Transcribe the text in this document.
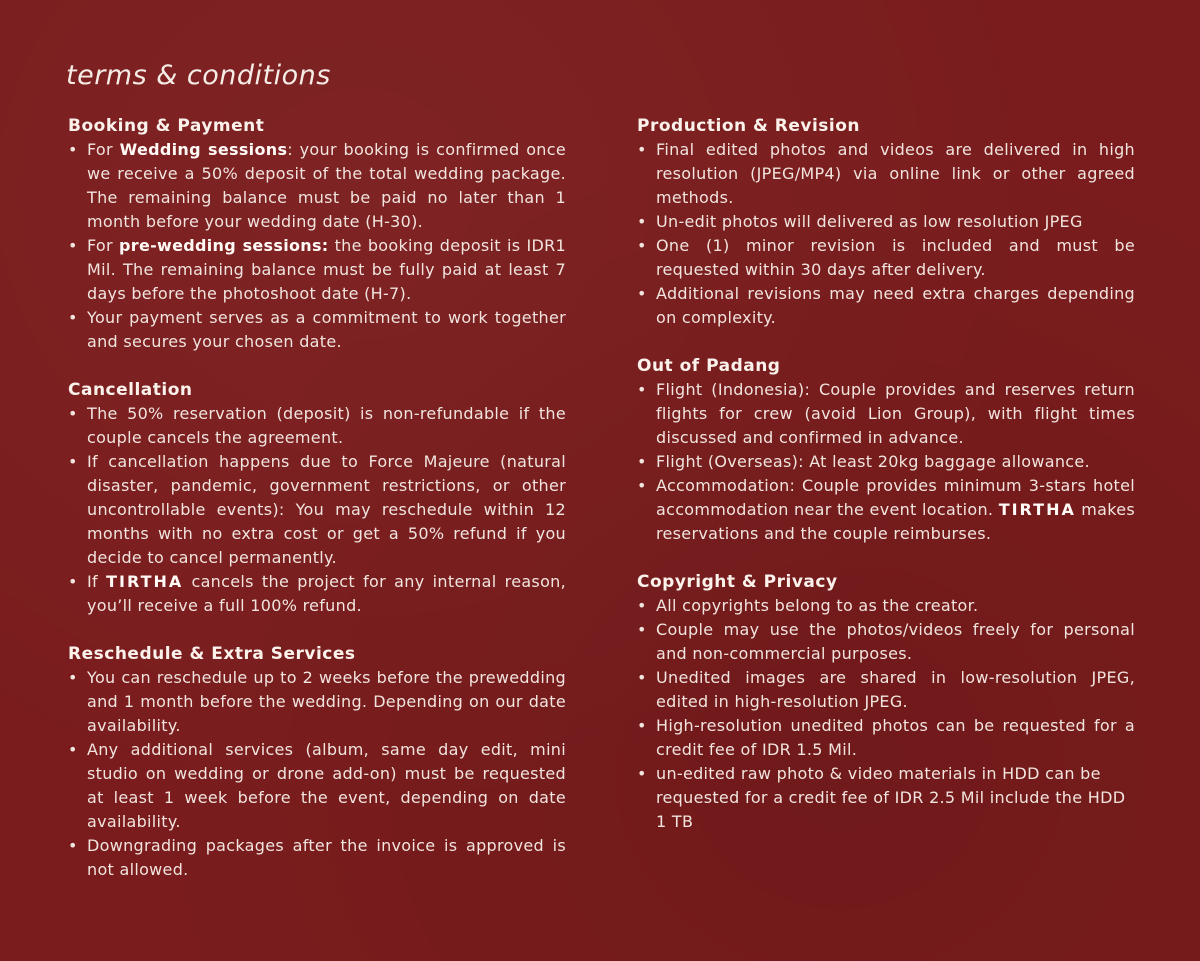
terms & conditions
Booking & Payment
• For Wedding sessions: your booking is confirmed once we receive a 50% deposit of the total wedding package. The remaining balance must be paid no later than 1 month before your wedding date (H-30).
• For pre-wedding sessions: the booking deposit is IDR1 Mil. The remaining balance must be fully paid at least 7 days before the photoshoot date (H-7).
• Your payment serves as a commitment to work together and secures your chosen date.
Cancellation
• The 50% reservation (deposit) is non-refundable if the couple cancels the agreement.
• If cancellation happens due to Force Majeure (natural disaster, pandemic, government restrictions, or other uncontrollable events): You may reschedule within 12 months with no extra cost or get a 50% refund if you decide to cancel permanently.
• If TIRTHA cancels the project for any internal reason, you’ll receive a full 100% refund.
Reschedule & Extra Services
• You can reschedule up to 2 weeks before the prewedding and 1 month before the wedding. Depending on our date availability.
• Any additional services (album, same day edit, mini studio on wedding or drone add-on) must be requested at least 1 week before the event, depending on date availability.
• Downgrading packages after the invoice is approved is not allowed.
Production & Revision
• Final edited photos and videos are delivered in high resolution (JPEG/MP4) via online link or other agreed methods.
• Un-edit photos will delivered as low resolution JPEG
• One (1) minor revision is included and must be requested within 30 days after delivery.
• Additional revisions may need extra charges depending on complexity.
Out of Padang
• Flight (Indonesia): Couple provides and reserves return flights for crew (avoid Lion Group), with flight times discussed and confirmed in advance.
• Flight (Overseas): At least 20kg baggage allowance.
• Accommodation: Couple provides minimum 3-stars hotel accommodation near the event location. TIRTHA makes reservations and the couple reimburses.
Copyright & Privacy
• All copyrights belong to as the creator.
• Couple may use the photos/videos freely for personal and non-commercial purposes.
• Unedited images are shared in low-resolution JPEG, edited in high-resolution JPEG.
• High-resolution unedited photos can be requested for a credit fee of IDR 1.5 Mil.
• un-edited raw photo & video materials in HDD can be requested for a credit fee of IDR 2.5 Mil include the HDD 1 TB
